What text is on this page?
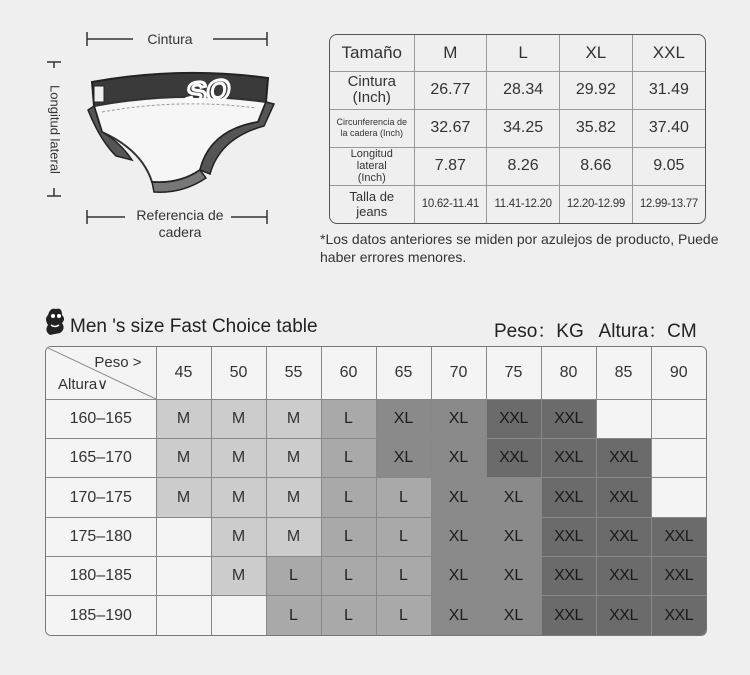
Cintura
Longitud lateral	SO
Referencia de cadera
Tamaño	M	L	XL	XXL
Cintura
(Inch)	26.77	28.34	29.92	31.49
Circunferencia de la cadera (Inch)	32.67	34.25	35.82	37.40
Longitud lateral (Inch)	7.87	8.26	8.66	9.05
Talla de jeans	10.62-11.41	11.41-12.20	12.20-12.99	12.99-13.77
*Los datos anteriores se miden por azulejos de producto, Puede haber errores menores.
Men 's size Fast Choice table	Peso：KG   Altura：CM
Peso >
Altura∨	45	50	55	60	65	70	75	80	85	90
160–165	M	M	M	L	XL	XL	XXL	XXL		
165–170	M	M	M	L	XL	XL	XXL	XXL	XXL	
170–175	M	M	M	L	L	XL	XL	XXL	XXL	
175–180		M	M	L	L	XL	XL	XXL	XXL	XXL
180–185		M	L	L	L	XL	XL	XXL	XXL	XXL
185–190			L	L	L	XL	XL	XXL	XXL	XXL
